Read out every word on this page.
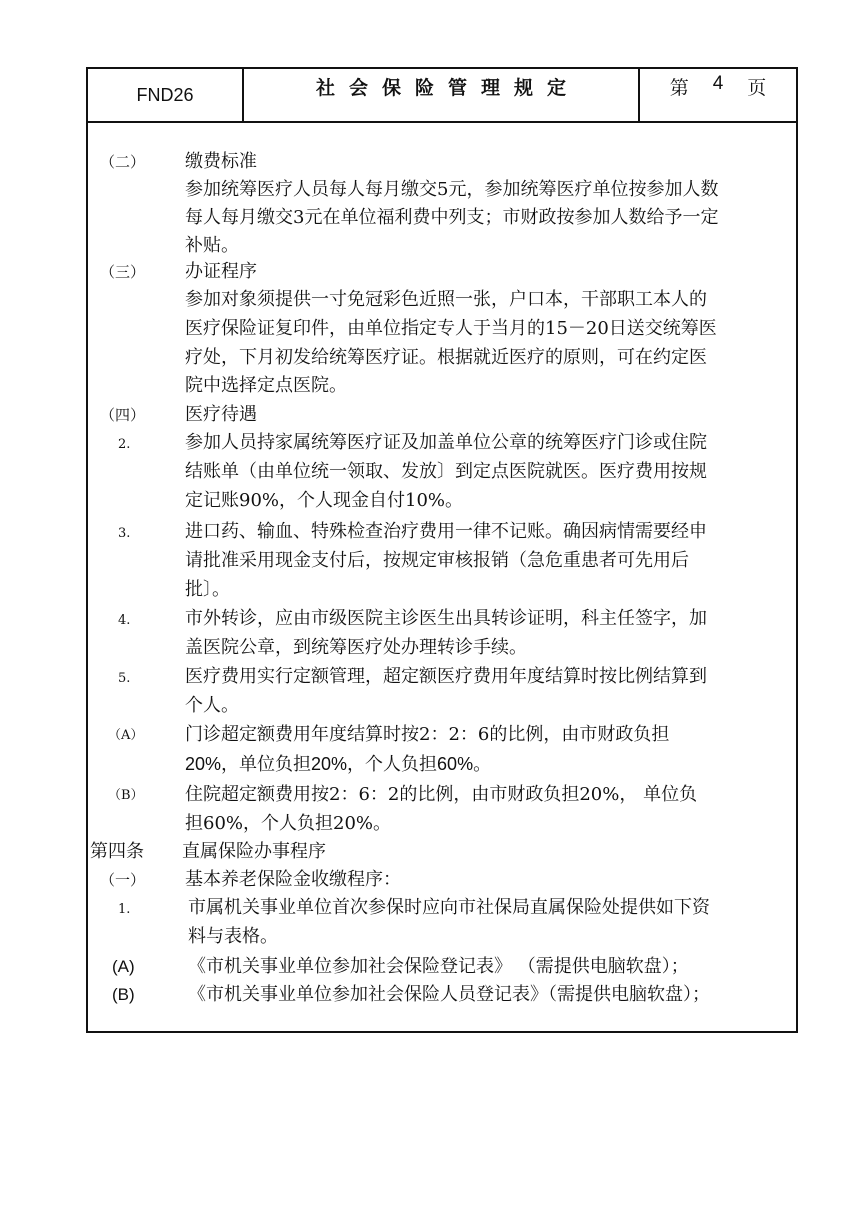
FND26	社会保险管理规定	第 4 页
（二） 缴费标准
参加统筹医疗人员每人每月缴交5元，参加统筹医疗单位按参加人数
每人每月缴交3元在单位福利费中列支；市财政按参加人数给予一定
补贴。
（三） 办证程序
参加对象须提供一寸免冠彩色近照一张，户口本，干部职工本人的
医疗保险证复印件，由单位指定专人于当月的15－20日送交统筹医
疗处，下月初发给统筹医疗证。根据就近医疗的原则，可在约定医
院中选择定点医院。
（四） 医疗待遇
2.	参加人员持家属统筹医疗证及加盖单位公章的统筹医疗门诊或住院
结账单（由单位统一领取、发放〕到定点医院就医。医疗费用按规
定记账90%，个人现金自付10%。
3.	进口药、输血、特殊检查治疗费用一律不记账。确因病情需要经申
请批准采用现金支付后，按规定审核报销（急危重患者可先用后
批〕。
4.	市外转诊，应由市级医院主诊医生出具转诊证明，科主任签字，加
盖医院公章，到统筹医疗处办理转诊手续。
5.	医疗费用实行定额管理，超定额医疗费用年度结算时按比例结算到
个人。
（A） 门诊超定额费用年度结算时按2：2：6的比例，由市财政负担
20%，单位负担20%，个人负担60%。
（B） 住院超定额费用按2：6：2的比例，由市财政负担20%， 单位负
担60%，个人负担20%。
第四条 直属保险办事程序
（一） 基本养老保险金收缴程序：
1.	市属机关事业单位首次参保时应向市社保局直属保险处提供如下资
料与表格。
(A)	《市机关事业单位参加社会保险登记表》 （需提供电脑软盘）；
(B)	《市机关事业单位参加社会保险人员登记表》（需提供电脑软盘）；
